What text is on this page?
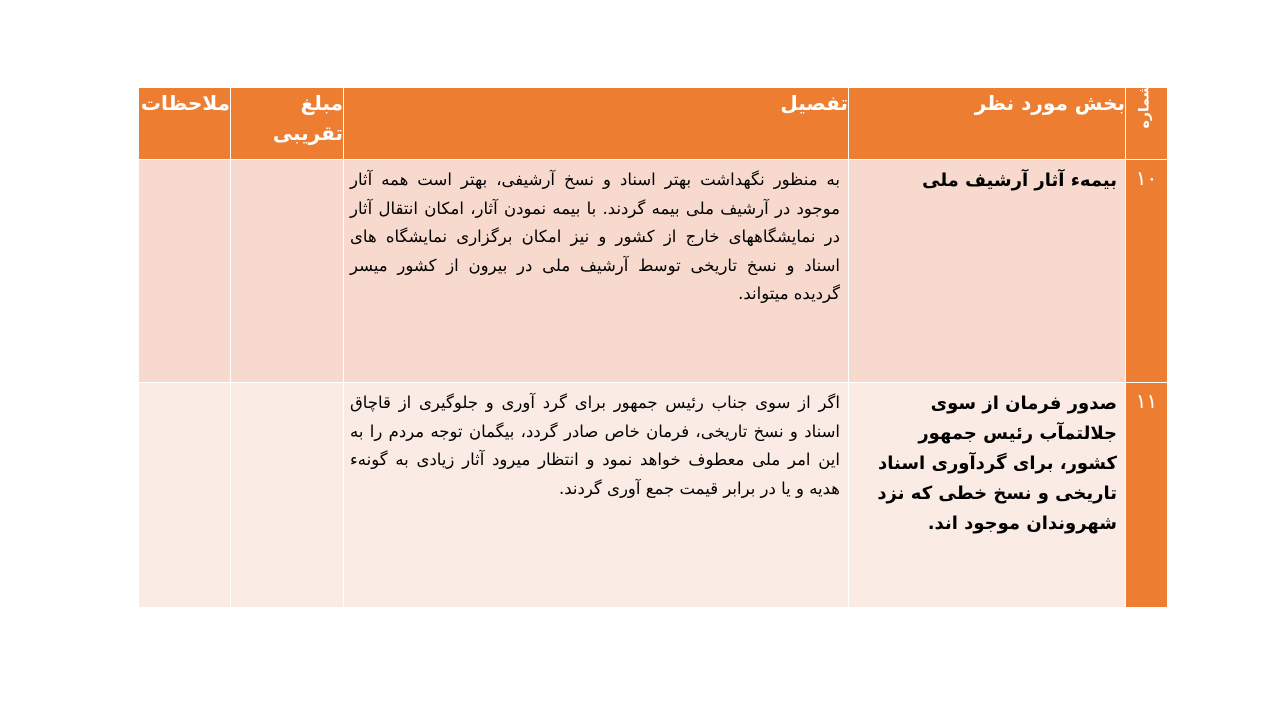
شماره	بخش مورد نظر	تفصیل	مبلغ تقریبی	ملاحظات
۱۰	بیمهء آثار آرشیف ملی	به منظور نگهداشت بهتر اسناد و نسخ آرشیفی، بهتر است همه آثار موجود در آرشیف ملی بیمه گردند. با بیمه نمودن آثار، امکان انتقال آثار در نمایشگاههای خارج از کشور و نیز امکان برگزاری نمایشگاه های اسناد و نسخ تاریخی توسط آرشیف ملی در بیرون از کشور میسر گردیده میتواند.		
۱۱	صدور فرمان از سوی جلالتمآب رئیس جمهور کشور، برای گردآوری اسناد تاریخی و نسخ خطی که نزد شهروندان موجود اند.	اگر از سوی جناب رئیس جمهور برای گرد آوری و جلوگیری از قاچاق اسناد و نسخ تاریخی، فرمان خاص صادر گردد، بیگمان توجه مردم را به این امر ملی معطوف خواهد نمود و انتظار میرود آثار زیادی به گونهء هدیه و یا در برابر قیمت جمع آوری گردند.		
